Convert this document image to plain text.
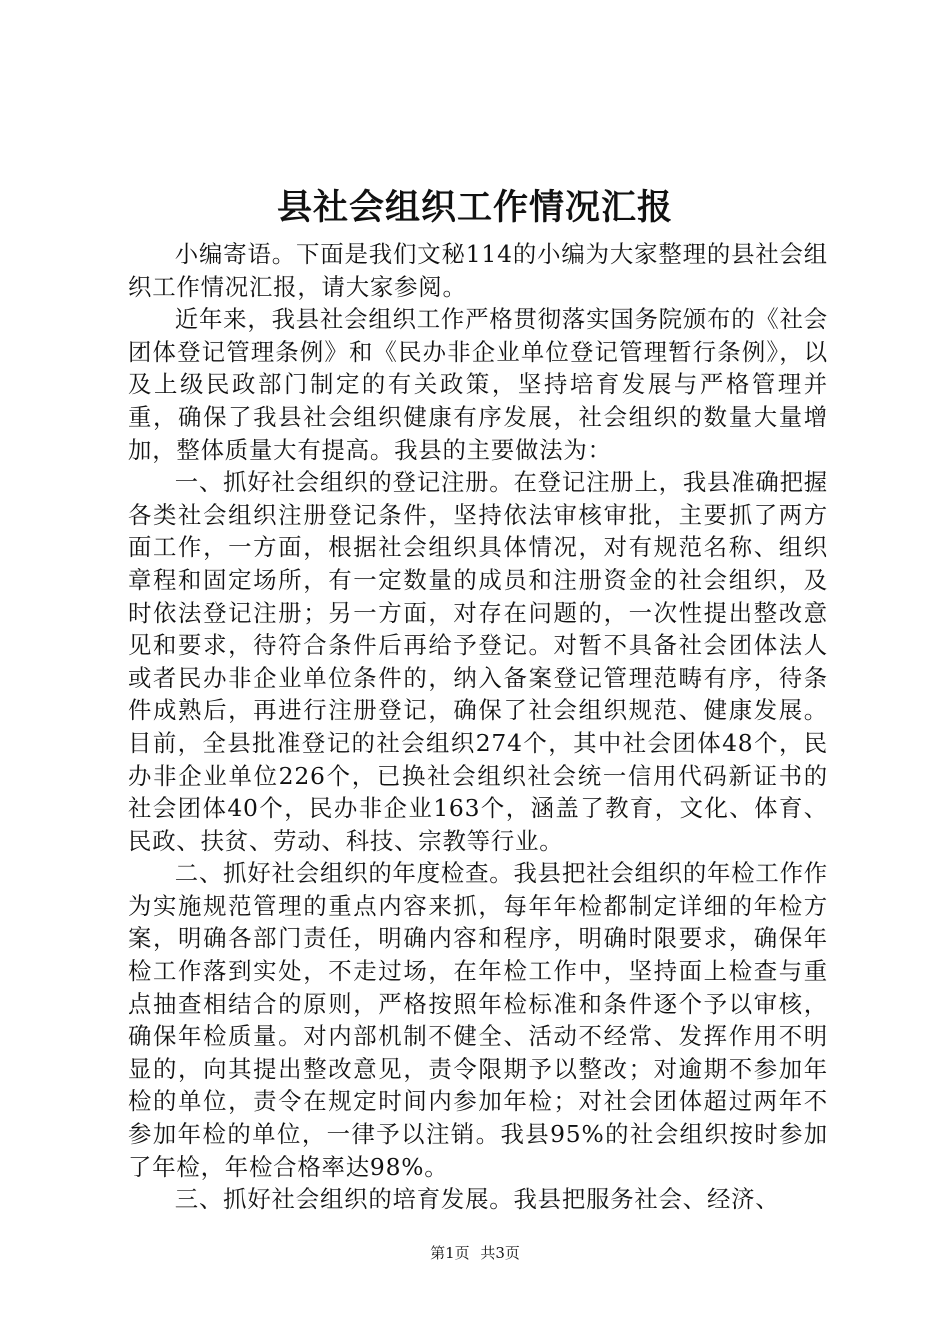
县社会组织工作情况汇报

小编寄语。下面是我们文秘114的小编为大家整理的县社会组织工作情况汇报，请大家参阅。

近年来，我县社会组织工作严格贯彻落实国务院颁布的《社会团体登记管理条例》和《民办非企业单位登记管理暂行条例》，以及上级民政部门制定的有关政策，坚持培育发展与严格管理并重，确保了我县社会组织健康有序发展，社会组织的数量大量增加，整体质量大有提高。我县的主要做法为：

一、抓好社会组织的登记注册。在登记注册上，我县准确把握各类社会组织注册登记条件，坚持依法审核审批，主要抓了两方面工作，一方面，根据社会组织具体情况，对有规范名称、组织章程和固定场所，有一定数量的成员和注册资金的社会组织，及时依法登记注册；另一方面，对存在问题的，一次性提出整改意见和要求，待符合条件后再给予登记。对暂不具备社会团体法人或者民办非企业单位条件的，纳入备案登记管理范畴有序，待条件成熟后，再进行注册登记，确保了社会组织规范、健康发展。目前，全县批准登记的社会组织274个，其中社会团体48个，民办非企业单位226个，已换社会组织社会统一信用代码新证书的社会团体40个，民办非企业163个，涵盖了教育，文化、体育、民政、扶贫、劳动、科技、宗教等行业。

二、抓好社会组织的年度检查。我县把社会组织的年检工作作为实施规范管理的重点内容来抓，每年年检都制定详细的年检方案，明确各部门责任，明确内容和程序，明确时限要求，确保年检工作落到实处，不走过场，在年检工作中，坚持面上检查与重点抽查相结合的原则，严格按照年检标准和条件逐个予以审核，确保年检质量。对内部机制不健全、活动不经常、发挥作用不明显的，向其提出整改意见，责令限期予以整改；对逾期不参加年检的单位，责令在规定时间内参加年检；对社会团体超过两年不参加年检的单位，一律予以注销。我县95%的社会组织按时参加了年检，年检合格率达98%。

三、抓好社会组织的培育发展。我县把服务社会、经济、

第1页 共3页
